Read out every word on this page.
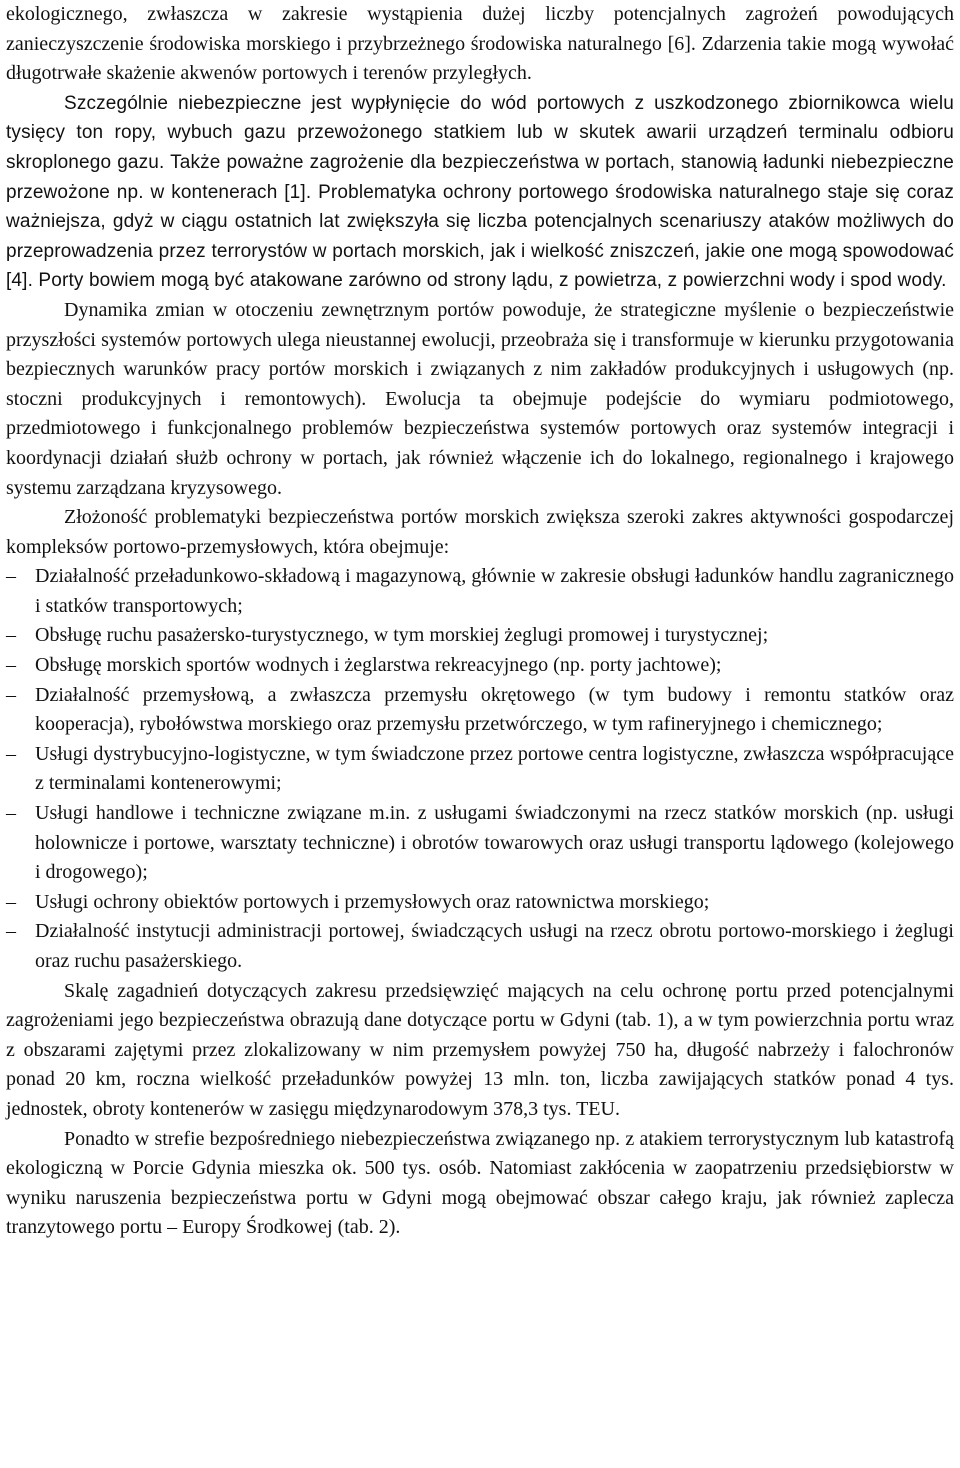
ekologicznego, zwłaszcza w zakresie wystąpienia dużej liczby potencjalnych zagrożeń powodujących zanieczyszczenie środowiska morskiego i przybrzeżnego środowiska naturalnego [6]. Zdarzenia takie mogą wywołać długotrwałe skażenie akwenów portowych i terenów przyległych.

Szczególnie niebezpieczne jest wypłynięcie do wód portowych z uszkodzonego zbiornikowca wielu tysięcy ton ropy, wybuch gazu przewożonego statkiem lub w skutek awarii urządzeń terminalu odbioru skroplonego gazu. Także poważne zagrożenie dla bezpieczeństwa w portach, stanowią ładunki niebezpieczne przewożone np. w kontenerach [1]. Problematyka ochrony portowego środowiska naturalnego staje się coraz ważniejsza, gdyż w ciągu ostatnich lat zwiększyła się liczba potencjalnych scenariuszy ataków możliwych do przeprowadzenia przez terrorystów w portach morskich, jak i wielkość zniszczeń, jakie one mogą spowodować [4]. Porty bowiem mogą być atakowane zarówno od strony lądu, z powietrza, z powierzchni wody i spod wody.

Dynamika zmian w otoczeniu zewnętrznym portów powoduje, że strategiczne myślenie o bezpieczeństwie przyszłości systemów portowych ulega nieustannej ewolucji, przeobraża się i transformuje w kierunku przygotowania bezpiecznych warunków pracy portów morskich i związanych z nim zakładów produkcyjnych i usługowych (np. stoczni produkcyjnych i remontowych). Ewolucja ta obejmuje podejście do wymiaru podmiotowego, przedmiotowego i funkcjonalnego problemów bezpieczeństwa systemów portowych oraz systemów integracji i koordynacji działań służb ochrony w portach, jak również włączenie ich do lokalnego, regionalnego i krajowego systemu zarządzana kryzysowego.

Złożoność problematyki bezpieczeństwa portów morskich zwiększa szeroki zakres aktywności gospodarczej kompleksów portowo-przemysłowych, która obejmuje:

– Działalność przeładunkowo-składową i magazynową, głównie w zakresie obsługi ładunków handlu zagranicznego i statków transportowych;
– Obsługę ruchu pasażersko-turystycznego, w tym morskiej żeglugi promowej i turystycznej;
– Obsługę morskich sportów wodnych i żeglarstwa rekreacyjnego (np. porty jachtowe);
– Działalność przemysłową, a zwłaszcza przemysłu okrętowego (w tym budowy i remontu statków oraz kooperacja), rybołówstwa morskiego oraz przemysłu przetwórczego, w tym rafineryjnego i chemicznego;
– Usługi dystrybucyjno-logistyczne, w tym świadczone przez portowe centra logistyczne, zwłaszcza współpracujące z terminalami kontenerowymi;
– Usługi handlowe i techniczne związane m.in. z usługami świadczonymi na rzecz statków morskich (np. usługi holownicze i portowe, warsztaty techniczne) i obrotów towarowych oraz usługi transportu lądowego (kolejowego i drogowego);
– Usługi ochrony obiektów portowych i przemysłowych oraz ratownictwa morskiego;
– Działalność instytucji administracji portowej, świadczących usługi na rzecz obrotu portowo-morskiego i żeglugi oraz ruchu pasażerskiego.

Skalę zagadnień dotyczących zakresu przedsięwzięć mających na celu ochronę portu przed potencjalnymi zagrożeniami jego bezpieczeństwa obrazują dane dotyczące portu w Gdyni (tab. 1), a w tym powierzchnia portu wraz z obszarami zajętymi przez zlokalizowany w nim przemysłem powyżej 750 ha, długość nabrzeży i falochronów ponad 20 km, roczna wielkość przeładunków powyżej 13 mln. ton, liczba zawijających statków ponad 4 tys. jednostek, obroty kontenerów w zasięgu międzynarodowym 378,3 tys. TEU.

Ponadto w strefie bezpośredniego niebezpieczeństwa związanego np. z atakiem terrorystycznym lub katastrofą ekologiczną w Porcie Gdynia mieszka ok. 500 tys. osób. Natomiast zakłócenia w zaopatrzeniu przedsiębiorstw w wyniku naruszenia bezpieczeństwa portu w Gdyni mogą obejmować obszar całego kraju, jak również zaplecza tranzytowego portu – Europy Środkowej (tab. 2).
